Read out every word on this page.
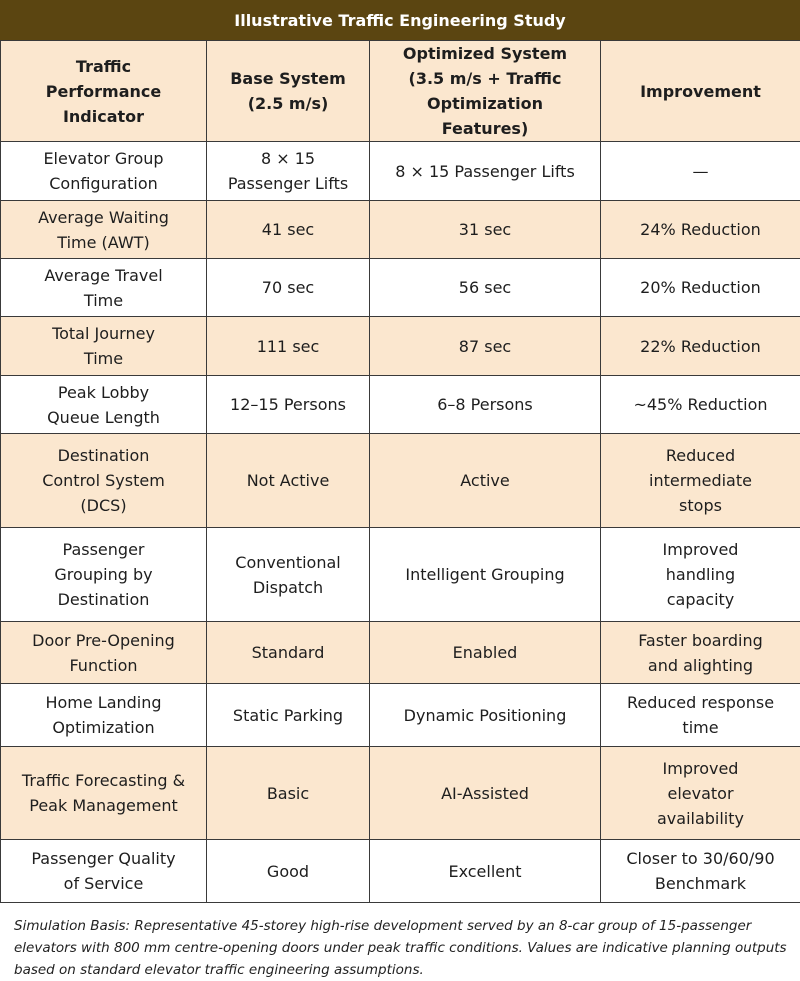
Illustrative Traffic Engineering Study
Traffic Performance Indicator	Base System (2.5 m/s)	Optimized System (3.5 m/s + Traffic Optimization Features)	Improvement
Elevator Group Configuration	8 × 15 Passenger Lifts	8 × 15 Passenger Lifts	—
Average Waiting Time (AWT)	41 sec	31 sec	24% Reduction
Average Travel Time	70 sec	56 sec	20% Reduction
Total Journey Time	111 sec	87 sec	22% Reduction
Peak Lobby Queue Length	12–15 Persons	6–8 Persons	~45% Reduction
Destination Control System (DCS)	Not Active	Active	Reduced intermediate stops
Passenger Grouping by Destination	Conventional Dispatch	Intelligent Grouping	Improved handling capacity
Door Pre-Opening Function	Standard	Enabled	Faster boarding and alighting
Home Landing Optimization	Static Parking	Dynamic Positioning	Reduced response time
Traffic Forecasting & Peak Management	Basic	AI-Assisted	Improved elevator availability
Passenger Quality of Service	Good	Excellent	Closer to 30/60/90 Benchmark
Simulation Basis: Representative 45-storey high-rise development served by an 8-car group of 15-passenger elevators with 800 mm centre-opening doors under peak traffic conditions. Values are indicative planning outputs based on standard elevator traffic engineering assumptions.
